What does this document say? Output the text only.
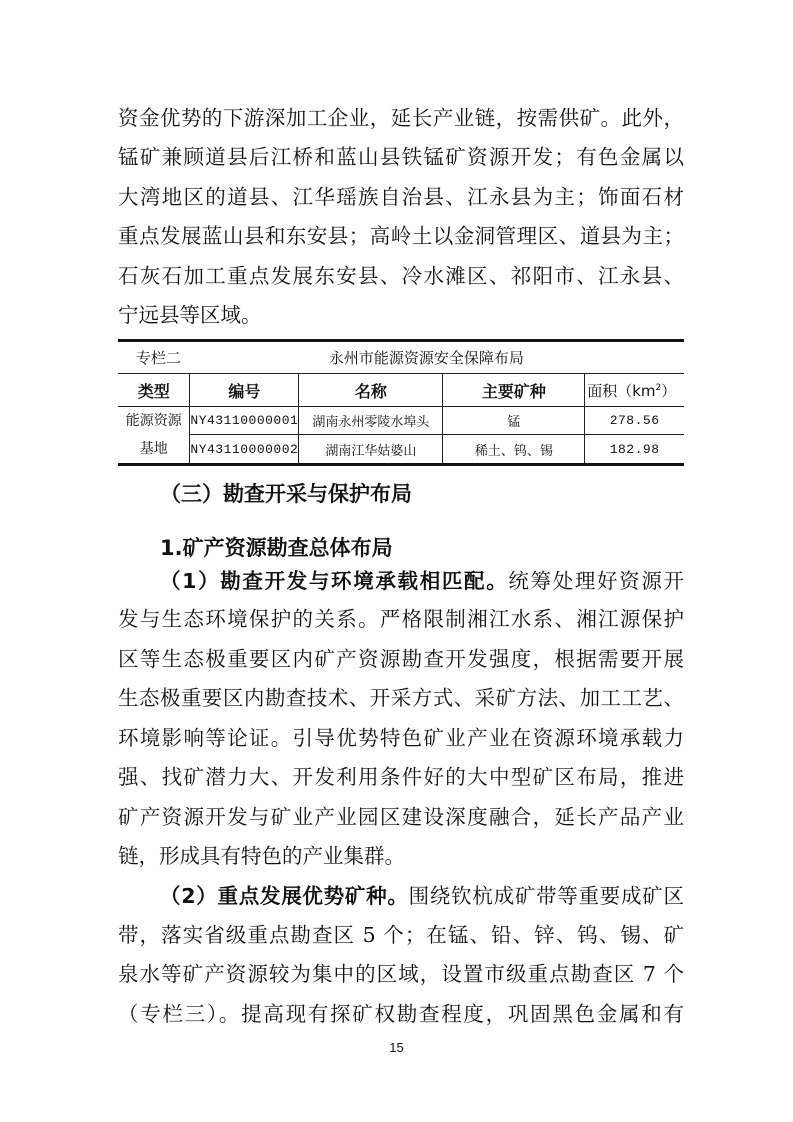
资金优势的下游深加工企业，延长产业链，按需供矿。此外，
锰矿兼顾道县后江桥和蓝山县铁锰矿资源开发；有色金属以
大湾地区的道县、江华瑶族自治县、江永县为主；饰面石材
重点发展蓝山县和东安县；高岭土以金洞管理区、道县为主；
石灰石加工重点发展东安县、冷水滩区、祁阳市、江永县、
宁远县等区域。
专栏二		永州市能源资源安全保障布局		
类型	编号	名称	主要矿种	面积$(km^2)$
能源资源基地	NY43110000001	湖南永州零陵水埠头	锰	278.56
	NY43110000002	湖南江华姑婆山	稀土、钨、锡	182.98
（三）勘查开采与保护布局
1.矿产资源勘查总体布局
（1）勘查开发与环境承载相匹配。统筹处理好资源开
发与生态环境保护的关系。严格限制湘江水系、湘江源保护
区等生态极重要区内矿产资源勘查开发强度，根据需要开展
生态极重要区内勘查技术、开采方式、采矿方法、加工工艺、
环境影响等论证。引导优势特色矿业产业在资源环境承载力
强、找矿潜力大、开发利用条件好的大中型矿区布局，推进
矿产资源开发与矿业产业园区建设深度融合，延长产品产业
链，形成具有特色的产业集群。
（2）重点发展优势矿种。围绕钦杭成矿带等重要成矿区
带，落实省级重点勘查区 5 个；在锰、铅、锌、钨、锡、矿
泉水等矿产资源较为集中的区域，设置市级重点勘查区 7 个
（专栏三）。提高现有探矿权勘查程度，巩固黑色金属和有
15
